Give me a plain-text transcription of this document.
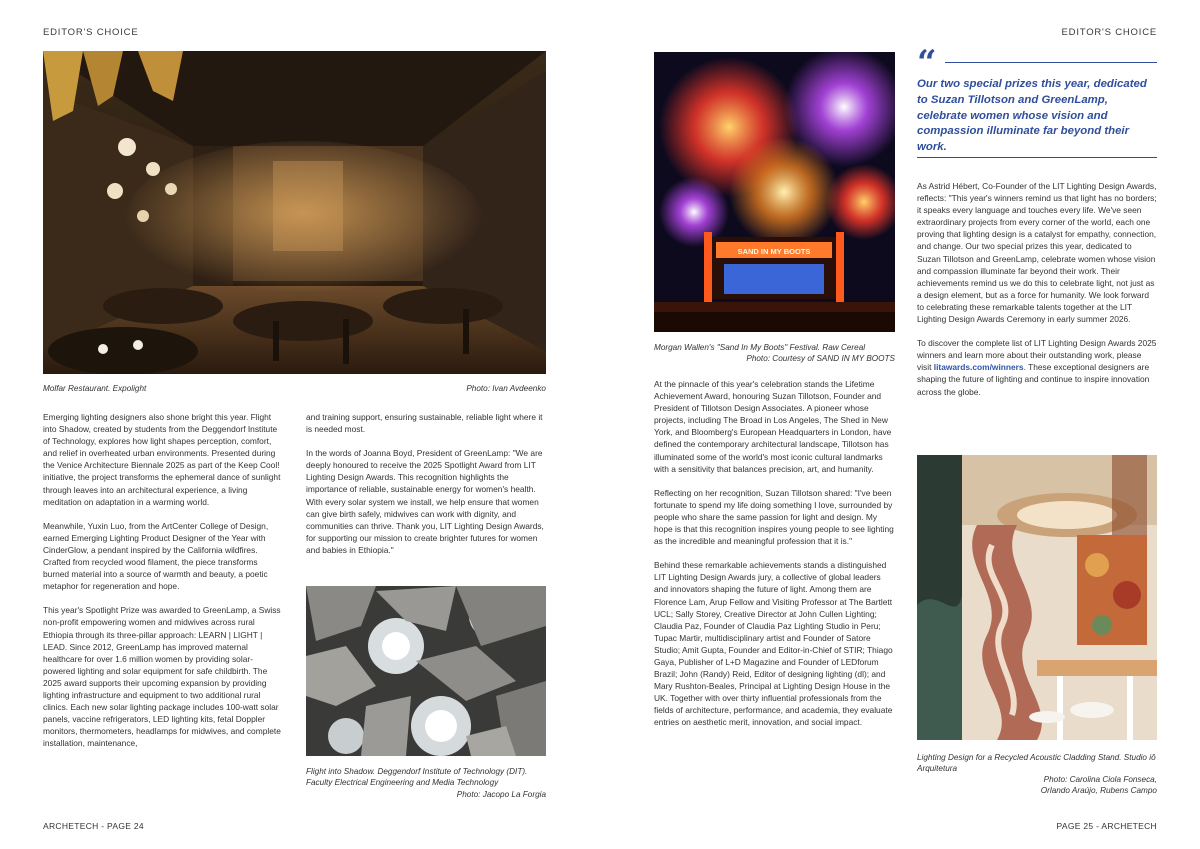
EDITOR'S CHOICE
Molfar Restaurant. Expolight	Photo: Ivan Avdeenko

Emerging lighting designers also shone bright this year. Flight into Shadow, created by students from the Deggendorf Institute of Technology, explores how light shapes perception, comfort, and relief in overheated urban environments. Presented during the Venice Architecture Biennale 2025 as part of the Keep Cool! initiative, the project transforms the ephemeral dance of sunlight through leaves into an architectural experience, a living meditation on adaptation in a warming world.

Meanwhile, Yuxin Luo, from the ArtCenter College of Design, earned Emerging Lighting Product Designer of the Year with CinderGlow, a pendant inspired by the California wildfires. Crafted from recycled wood filament, the piece transforms burned material into a source of warmth and beauty, a poetic metaphor for regeneration and hope.

This year's Spotlight Prize was awarded to GreenLamp, a Swiss non-profit empowering women and midwives across rural Ethiopia through its three-pillar approach: LEARN | LIGHT | LEAD. Since 2012, GreenLamp has improved maternal healthcare for over 1.6 million women by providing solar-powered lighting and solar equipment for safe childbirth. The 2025 award supports their upcoming expansion by providing lighting infrastructure and equipment to two additional rural clinics. Each new solar lighting package includes 100-watt solar panels, vaccine refrigerators, LED lighting kits, fetal Doppler monitors, thermometers, headlamps for midwives, and complete installation, maintenance,

and training support, ensuring sustainable, reliable light where it is needed most.

In the words of Joanna Boyd, President of GreenLamp: "We are deeply honoured to receive the 2025 Spotlight Award from LIT Lighting Design Awards. This recognition highlights the importance of reliable, sustainable energy for women's health. With every solar system we install, we help ensure that women can give birth safely, midwives can work with dignity, and communities can thrive. Thank you, LIT Lighting Design Awards, for supporting our mission to create brighter futures for women and babies in Ethiopia."

Flight into Shadow. Deggendorf Institute of Technology (DIT). Faculty Electrical Engineering and Media Technology
Photo: Jacopo La Forgia
ARCHETECH - PAGE 24
EDITOR'S CHOICE
SAND IN MY BOOTS
Morgan Wallen's "Sand In My Boots" Festival. Raw Cereal
Photo: Courtesy of SAND IN MY BOOTS

At the pinnacle of this year's celebration stands the Lifetime Achievement Award, honouring Suzan Tillotson, Founder and President of Tillotson Design Associates. A pioneer whose projects, including The Broad in Los Angeles, The Shed in New York, and Bloomberg's European Headquarters in London, have defined the contemporary architectural landscape, Tillotson has illuminated some of the world's most iconic cultural landmarks with a sensitivity that balances precision, art, and humanity.

Reflecting on her recognition, Suzan Tillotson shared: "I've been fortunate to spend my life doing something I love, surrounded by people who share the same passion for light and design. My hope is that this recognition inspires young people to see lighting as the incredible and meaningful profession that it is."

Behind these remarkable achievements stands a distinguished LIT Lighting Design Awards jury, a collective of global leaders and innovators shaping the future of light. Among them are Florence Lam, Arup Fellow and Visiting Professor at The Bartlett UCL; Sally Storey, Creative Director at John Cullen Lighting; Claudia Paz, Founder of Claudia Paz Lighting Studio in Peru; Tupac Martir, multidisciplinary artist and Founder of Satore Studio; Amit Gupta, Founder and Editor-in-Chief of STIR; Thiago Gaya, Publisher of L+D Magazine and Founder of LEDforum Brazil; John (Randy) Reid, Editor of designing lighting (dl); and Mary Rushton-Beales, Principal at Lighting Design House in the UK. Together with over thirty influential professionals from the fields of architecture, performance, and academia, they evaluate entries on aesthetic merit, innovation, and social impact.

“
Our two special prizes this year, dedicated to Suzan Tillotson and GreenLamp, celebrate women whose vision and compassion illuminate far beyond their work.

As Astrid Hébert, Co-Founder of the LIT Lighting Design Awards, reflects: "This year's winners remind us that light has no borders; it speaks every language and touches every life. We've seen extraordinary projects from every corner of the world, each one proving that lighting design is a catalyst for empathy, connection, and change. Our two special prizes this year, dedicated to Suzan Tillotson and GreenLamp, celebrate women whose vision and compassion illuminate far beyond their work. Their achievements remind us we do this to celebrate light, not just as a design element, but as a force for humanity. We look forward to celebrating these remarkable talents together at the LIT Lighting Design Awards Ceremony in early summer 2026.

To discover the complete list of LIT Lighting Design Awards 2025 winners and learn more about their outstanding work, please visit litawards.com/winners. These exceptional designers are shaping the future of lighting and continue to inspire innovation across the globe.

Lighting Design for a Recycled Acoustic Cladding Stand. Studio iô Arquitetura
Photo: Carolina Ciola Fonseca,
Orlando Araújo, Rubens Campo
PAGE 25 - ARCHETECH
